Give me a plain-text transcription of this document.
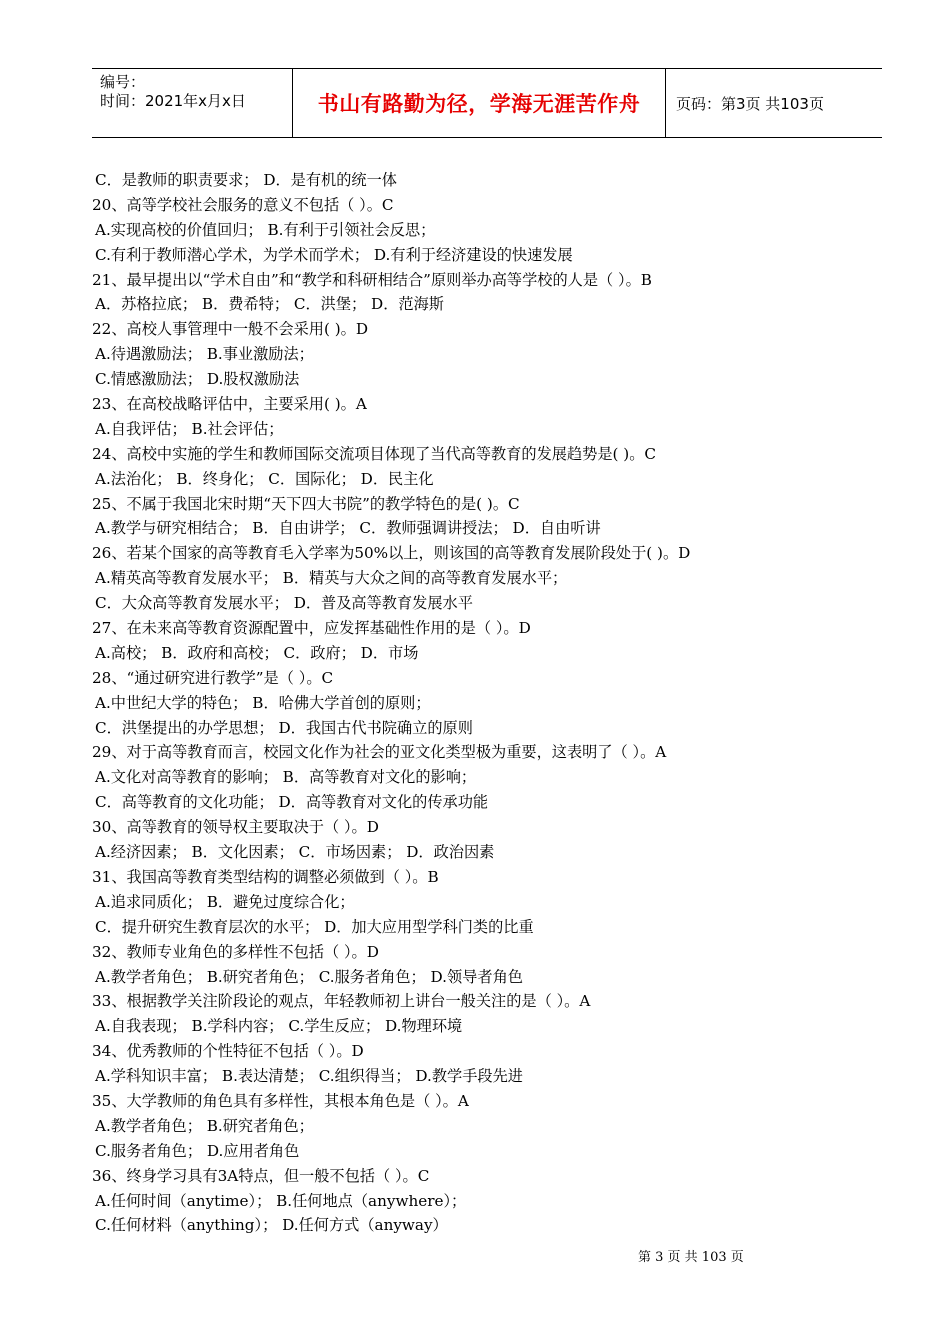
编号：
时间：2021年x月x日	书山有路勤为径，学海无涯苦作舟	页码：第3页 共103页
C．是教师的职责要求； D．是有机的统一体
20、高等学校社会服务的意义不包括（ ）。C
A.实现高校的价值回归； B.有利于引领社会反思；
C.有利于教师潜心学术，为学术而学术； D.有利于经济建设的快速发展
21、最早提出以“学术自由”和“教学和科研相结合”原则举办高等学校的人是（ ）。B
A．苏格拉底； B．费希特； C．洪堡； D．范海斯
22、高校人事管理中一般不会采用( )。D
A.待遇激励法； B.事业激励法；
C.情感激励法； D.股权激励法
23、在高校战略评估中，主要采用( )。A
A.自我评估； B.社会评估；
24、高校中实施的学生和教师国际交流项目体现了当代高等教育的发展趋势是( )。C
A.法治化； B．终身化； C．国际化； D．民主化
25、不属于我国北宋时期“天下四大书院”的教学特色的是( )。C
A.教学与研究相结合； B．自由讲学； C．教师强调讲授法； D．自由听讲
26、若某个国家的高等教育毛入学率为50%以上，则该国的高等教育发展阶段处于( )。D
A.精英高等教育发展水平； B．精英与大众之间的高等教育发展水平；
C．大众高等教育发展水平； D．普及高等教育发展水平
27、在未来高等教育资源配置中，应发挥基础性作用的是（ ）。D
A.高校； B．政府和高校； C．政府； D．市场
28、“通过研究进行教学”是（ ）。C
A.中世纪大学的特色； B．哈佛大学首创的原则；
C．洪堡提出的办学思想； D．我国古代书院确立的原则
29、对于高等教育而言，校园文化作为社会的亚文化类型极为重要，这表明了（ ）。A
A.文化对高等教育的影响； B．高等教育对文化的影响；
C．高等教育的文化功能； D．高等教育对文化的传承功能
30、高等教育的领导权主要取决于（ ）。D
A.经济因素； B．文化因素； C．市场因素； D．政治因素
31、我国高等教育类型结构的调整必须做到（ ）。B
A.追求同质化； B．避免过度综合化；
C．提升研究生教育层次的水平； D．加大应用型学科门类的比重
32、教师专业角色的多样性不包括（ ）。D
A.教学者角色； B.研究者角色； C.服务者角色； D.领导者角色
33、根据教学关注阶段论的观点，年轻教师初上讲台一般关注的是（ ）。A
A.自我表现； B.学科内容； C.学生反应； D.物理环境
34、优秀教师的个性特征不包括（ ）。D
A.学科知识丰富； B.表达清楚； C.组织得当； D.教学手段先进
35、大学教师的角色具有多样性，其根本角色是（ ）。A
A.教学者角色； B.研究者角色；
C.服务者角色； D.应用者角色
36、终身学习具有3A特点，但一般不包括（ ）。C
A.任何时间（anytime）； B.任何地点（anywhere）；
C.任何材料（anything）； D.任何方式（anyway）
第 3 页 共 103 页
